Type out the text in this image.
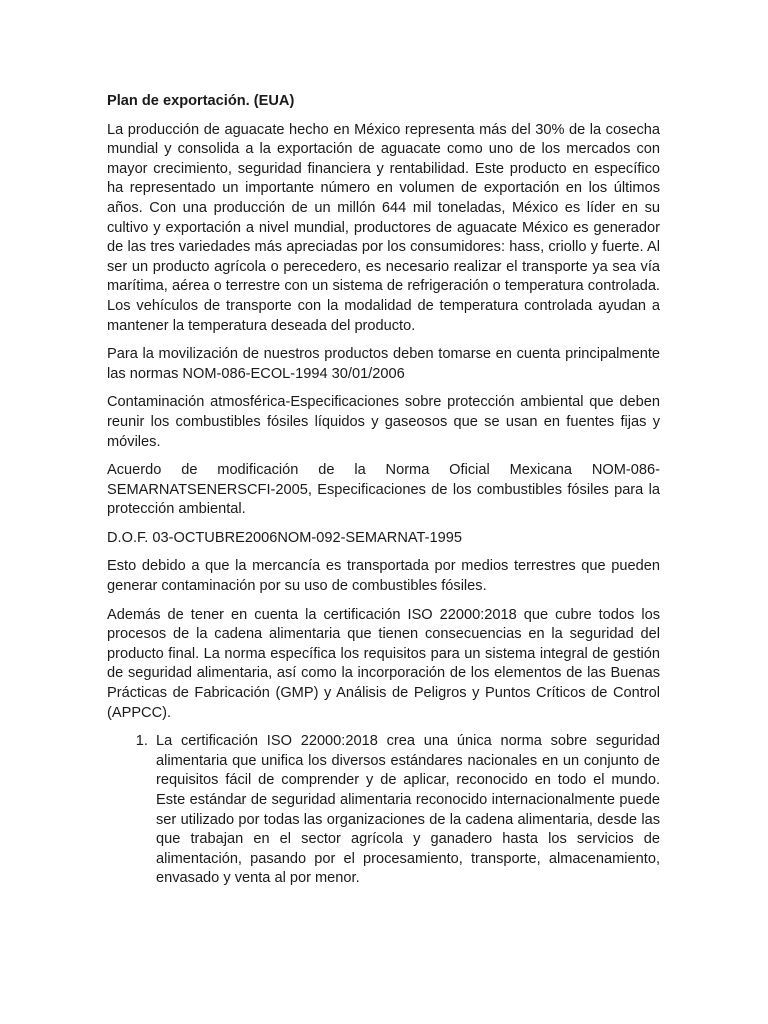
Plan de exportación. (EUA)

La producción de aguacate hecho en México representa más del 30% de la cosecha mundial y consolida a la exportación de aguacate como uno de los mercados con mayor crecimiento, seguridad financiera y rentabilidad. Este producto en específico ha representado un importante número en volumen de exportación en los últimos años. Con una producción de un millón 644 mil toneladas, México es líder en su cultivo y exportación a nivel mundial, productores de aguacate México es generador de las tres variedades más apreciadas por los consumidores: hass, criollo y fuerte. Al ser un producto agrícola o perecedero, es necesario realizar el transporte ya sea vía marítima, aérea o terrestre con un sistema de refrigeración o temperatura controlada. Los vehículos de transporte con la modalidad de temperatura controlada ayudan a mantener la temperatura deseada del producto.

Para la movilización de nuestros productos deben tomarse en cuenta principalmente las normas NOM-086-ECOL-1994 30/01/2006

Contaminación atmosférica-Especificaciones sobre protección ambiental que deben reunir los combustibles fósiles líquidos y gaseosos que se usan en fuentes fijas y móviles.

Acuerdo de modificación de la Norma Oficial Mexicana NOM-086-SEMARNATSENERSCFI-2005, Especificaciones de los combustibles fósiles para la protección ambiental.

D.O.F. 03-OCTUBRE2006NOM-092-SEMARNAT-1995

Esto debido a que la mercancía es transportada por medios terrestres que pueden generar contaminación por su uso de combustibles fósiles.

Además de tener en cuenta la certificación ISO 22000:2018 que cubre todos los procesos de la cadena alimentaria que tienen consecuencias en la seguridad del producto final. La norma específica los requisitos para un sistema integral de gestión de seguridad alimentaria, así como la incorporación de los elementos de las Buenas Prácticas de Fabricación (GMP) y Análisis de Peligros y Puntos Críticos de Control (APPCC).

1. La certificación ISO 22000:2018 crea una única norma sobre seguridad alimentaria que unifica los diversos estándares nacionales en un conjunto de requisitos fácil de comprender y de aplicar, reconocido en todo el mundo. Este estándar de seguridad alimentaria reconocido internacionalmente puede ser utilizado por todas las organizaciones de la cadena alimentaria, desde las que trabajan en el sector agrícola y ganadero hasta los servicios de alimentación, pasando por el procesamiento, transporte, almacenamiento, envasado y venta al por menor.
